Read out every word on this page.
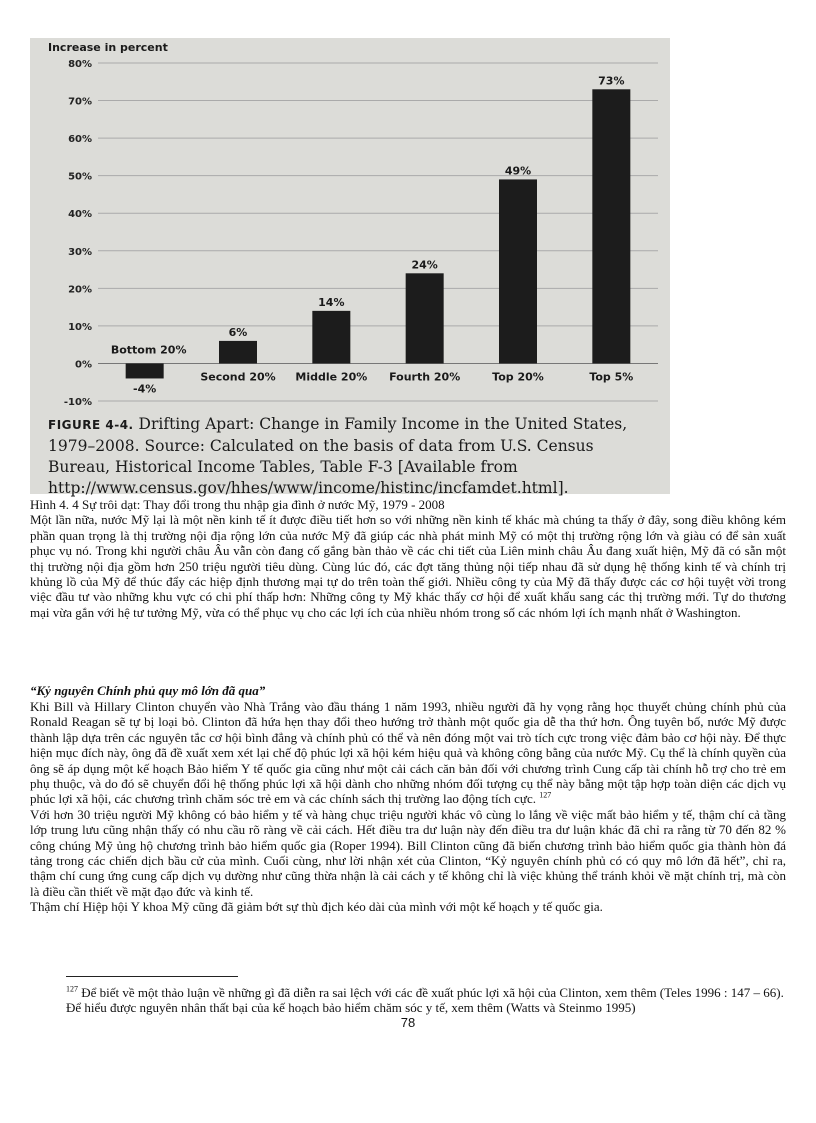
Increase in percent
-10%
0%
10%
20%
30%
40%
50%
60%
70%
80%
-4%
6%
14%
24%
49%
73%
Bottom 20%
Second 20% Middle 20% Fourth 20%	Top 20%	Top 5%
FIGURE 4-4. Drifting Apart: Change in Family Income in the United States, 1979–2008. Source: Calculated on the basis of data from U.S. Census Bureau, Historical Income Tables, Table F-3 [Available from http://www.census.gov/hhes/www/income/histinc/incfamdet.html].

Hình 4. 4 Sự trôi dạt: Thay đổi trong thu nhập gia đình ở nước Mỹ, 1979 - 2008

Một lần nữa, nước Mỹ lại là một nền kinh tế ít được điều tiết hơn so với những nền kinh tế khác mà chúng ta thấy ở đây, song điều không kém phần quan trọng là thị trường nội địa rộng lớn của nước Mỹ đã giúp các nhà phát minh Mỹ có một thị trường rộng lớn và giàu có để sản xuất phục vụ nó. Trong khi người châu Âu vẫn còn đang cố gắng bàn thảo về các chi tiết của Liên minh châu Âu đang xuất hiện, Mỹ đã có sẵn một thị trường nội địa gồm hơn 250 triệu người tiêu dùng. Cùng lúc đó, các đợt tăng thủng nội tiếp nhau đã sử dụng hệ thống kinh tế và chính trị khủng lồ của Mỹ để thúc đẩy các hiệp định thương mại tự do trên toàn thế giới. Nhiều công ty của Mỹ đã thấy được các cơ hội tuyệt vời trong việc đầu tư vào những khu vực có chi phí thấp hơn: Những công ty Mỹ khác thấy cơ hội để xuất khẩu sang các thị trường mới. Tự do thương mại vừa gắn với hệ tư tưởng Mỹ, vừa có thể phục vụ cho các lợi ích của nhiều nhóm trong số các nhóm lợi ích mạnh nhất ở Washington.

“Kỷ nguyên Chính phủ quy mô lớn đã qua”

Khi Bill và Hillary Clinton chuyển vào Nhà Trắng vào đầu tháng 1 năm 1993, nhiều người đã hy vọng rằng học thuyết chủng chính phủ của Ronald Reagan sẽ tự bị loại bỏ. Clinton đã hứa hẹn thay đổi theo hướng trở thành một quốc gia dễ tha thứ hơn. Ông tuyên bố, nước Mỹ được thành lập dựa trên các nguyên tắc cơ hội bình đẳng và chính phủ có thể và nên đóng một vai trò tích cực trong việc đảm bảo cơ hội này. Để thực hiện mục đích này, ông đã đề xuất xem xét lại chế độ phúc lợi xã hội kém hiệu quả và không công bằng của nước Mỹ. Cụ thể là chính quyền của ông sẽ áp dụng một kế hoạch Bảo hiểm Y tế quốc gia cũng như một cải cách căn bản đối với chương trình Cung cấp tài chính hỗ trợ cho trẻ em phụ thuộc, và do đó sẽ chuyển đổi hệ thống phúc lợi xã hội dành cho những nhóm đối tượng cụ thể này bằng một tập hợp toàn diện các dịch vụ phúc lợi xã hội, các chương trình chăm sóc trẻ em và các chính sách thị trường lao động tích cực. $^{127}$

Với hơn 30 triệu người Mỹ không có bảo hiểm y tế và hàng chục triệu người khác vô cùng lo lắng về việc mất bảo hiểm y tế, thậm chí cả tầng lớp trung lưu cũng nhận thấy có nhu cầu rõ ràng về cải cách. Hết điều tra dư luận này đến điều tra dư luận khác đã chỉ ra rằng từ 70 đến 82 % công chúng Mỹ ủng hộ chương trình bảo hiểm quốc gia (Roper 1994). Bill Clinton cũng đã biến chương trình bảo hiểm quốc gia thành hòn đá tảng trong các chiến dịch bầu cử của mình. Cuối cùng, như lời nhận xét của Clinton, “Kỷ nguyên chính phủ có có quy mô lớn đã hết”, chỉ ra, thậm chí cung ứng cung cấp dịch vụ dường như cũng thừa nhận là cải cách y tế không chỉ là việc khủng thể tránh khỏi về mặt chính trị, mà còn là điều cần thiết về mặt đạo đức và kinh tế.

Thậm chí Hiệp hội Y khoa Mỹ cũng đã giảm bớt sự thù địch kéo dài của mình với một kế hoạch y tế quốc gia.

$^{127}$ Để biết về một thảo luận về những gì đã diễn ra sai lệch với các đề xuất phúc lợi xã hội của Clinton, xem thêm (Teles 1996 : 147 – 66). Để hiểu được nguyên nhân thất bại của kế hoạch bảo hiểm chăm sóc y tế, xem thêm (Watts và Steinmo 1995)
78
